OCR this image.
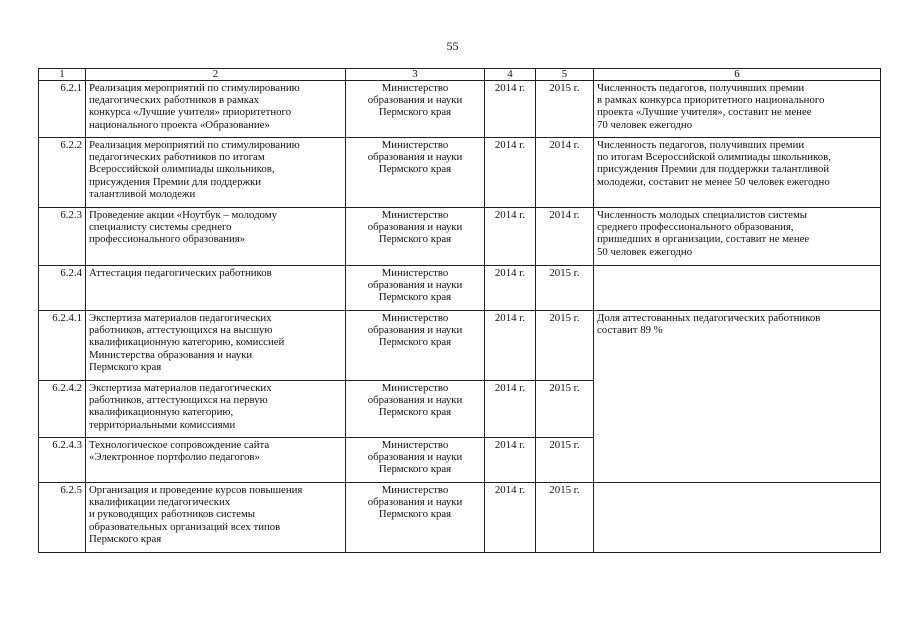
55
1	2	3	4	5	6
6.2.1	Реализация мероприятий по стимулированию
педагогических работников в рамках
конкурса «Лучшие учителя» приоритетного
национального проекта «Образование»	Министерство
образования и науки
Пермского края	2014 г.	2015 г.	Численность педагогов, получивших премии
в рамках конкурса приоритетного национального
проекта «Лучшие учителя», составит не менее
70 человек ежегодно

6.2.2	Реализация мероприятий по стимулированию
педагогических работников по итогам
Всероссийской олимпиады школьников,
присуждения Премии для поддержки
талантливой молодежи	Министерство
образования и науки
Пермского края	2014 г.	2014 г.	Численность педагогов, получивших премии
по итогам Всероссийской олимпиады школьников,
присуждения Премии для поддержки талантливой
молодежи, составит не менее 50 человек ежегодно

6.2.3	Проведение акции «Ноутбук – молодому
специалисту системы среднего
профессионального образования»	Министерство
образования и науки
Пермского края	2014 г.	2014 г.	Численность молодых специалистов системы
среднего профессионального образования,
пришедших в организации, составит не менее
50 человек ежегодно

6.2.4	Аттестация педагогических работников	Министерство
образования и науки
Пермского края	2014 г.	2015 г.	

6.2.4.1	Экспертиза материалов педагогических
работников, аттестующихся на высшую
квалификационную категорию, комиссией
Министерства образования и науки
Пермского края	Министерство
образования и науки
Пермского края	2014 г.	2015 г.	Доля аттестованных педагогических работников
составит 89 %

6.2.4.2	Экспертиза материалов педагогических
работников, аттестующихся на первую
квалификационную категорию,
территориальными комиссиями	Министерство
образования и науки
Пермского края	2014 г.	2015 г.	
6.2.4.3	Технологическое сопровождение сайта
«Электронное портфолио педагогов»	Министерство
образования и науки
Пермского края	2014 г.	2015 г.	
6.2.5	Организация и проведение курсов повышения
квалификации педагогических
и руководящих работников системы
образовательных организаций всех типов
Пермского края	Министерство
образования и науки
Пермского края	2014 г.	2015 г.	
